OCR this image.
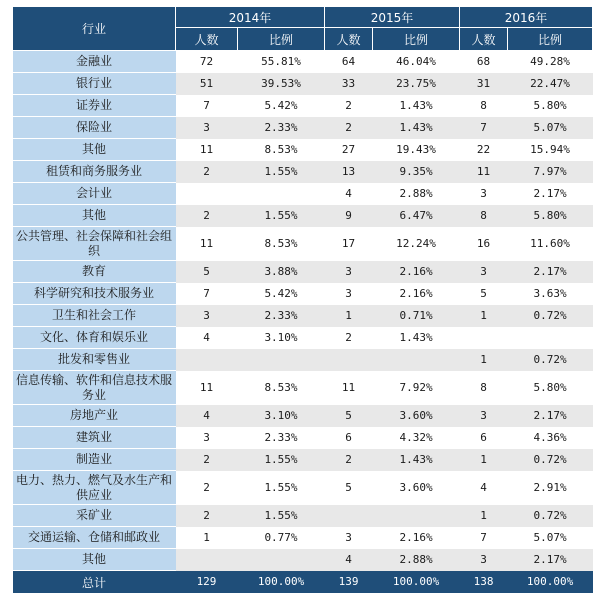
行业	2014年		2015年		2016年	
	人数	比例	人数	比例	人数	比例
金融业	72	55.81%	64	46.04%	68	49.28%
银行业	51	39.53%	33	23.75%	31	22.47%
证券业	7	5.42%	2	1.43%	8	5.80%
保险业	3	2.33%	2	1.43%	7	5.07%
其他	11	8.53%	27	19.43%	22	15.94%
租赁和商务服务业	2	1.55%	13	9.35%	11	7.97%
会计业			4	2.88%	3	2.17%
其他	2	1.55%	9	6.47%	8	5.80%
公共管理、社会保障和社会组织	11	8.53%	17	12.24%	16	11.60%
教育	5	3.88%	3	2.16%	3	2.17%
科学研究和技术服务业	7	5.42%	3	2.16%	5	3.63%
卫生和社会工作	3	2.33%	1	0.71%	1	0.72%
文化、体育和娱乐业	4	3.10%	2	1.43%		
批发和零售业					1	0.72%
信息传输、软件和信息技术服务业	11	8.53%	11	7.92%	8	5.80%
房地产业	4	3.10%	5	3.60%	3	2.17%
建筑业	3	2.33%	6	4.32%	6	4.36%
制造业	2	1.55%	2	1.43%	1	0.72%
电力、热力、燃气及水生产和供应业	2	1.55%	5	3.60%	4	2.91%
采矿业	2	1.55%			1	0.72%
交通运输、仓储和邮政业	1	0.77%	3	2.16%	7	5.07%
其他			4	2.88%	3	2.17%
总计	129	100.00%	139	100.00%	138	100.00%
